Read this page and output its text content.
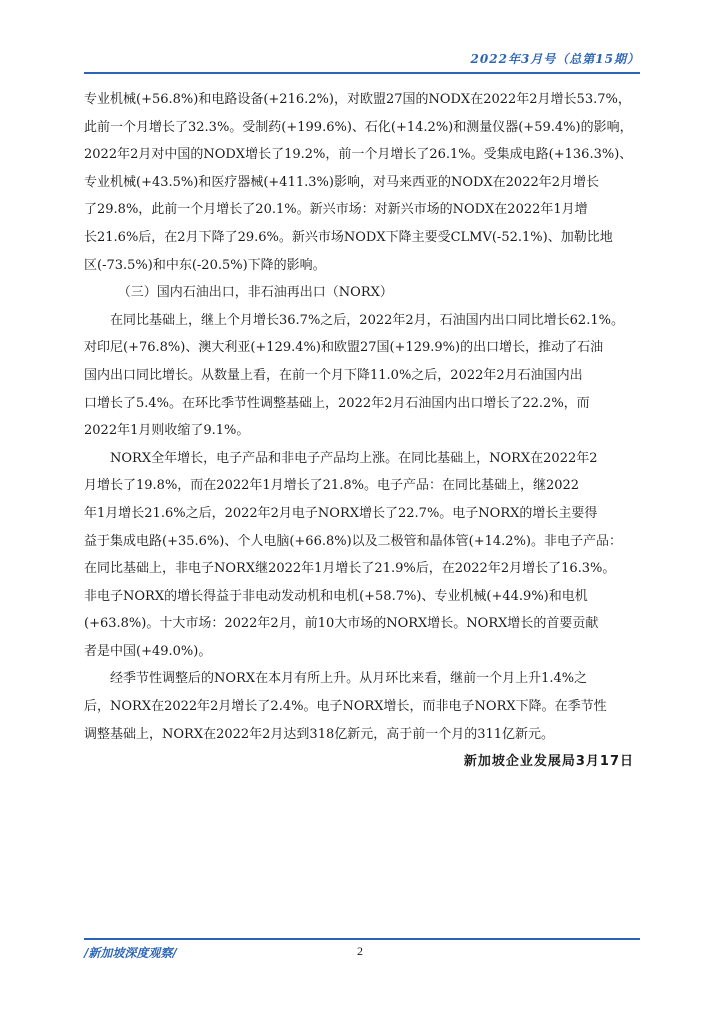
2022年3月号（总第15期）

专业机械(+56.8%)和电路设备(+216.2%)，对欧盟27国的NODX在2022年2月增长53.7%，
此前一个月增长了32.3%。受制药(+199.6%)、石化(+14.2%)和测量仪器(+59.4%)的影响，
2022年2月对中国的NODX增长了19.2%，前一个月增长了26.1%。受集成电路(+136.3%)、
专业机械(+43.5%)和医疗器械(+411.3%)影响，对马来西亚的NODX在2022年2月增长
了29.8%，此前一个月增长了20.1%。新兴市场：对新兴市场的NODX在2022年1月增
长21.6%后，在2月下降了29.6%。新兴市场NODX下降主要受CLMV(-52.1%)、加勒比地
区(-73.5%)和中东(-20.5%)下降的影响。

（三）国内石油出口，非石油再出口（NORX）

在同比基础上，继上个月增长36.7%之后，2022年2月，石油国内出口同比增长62.1%。
对印尼(+76.8%)、澳大利亚(+129.4%)和欧盟27国(+129.9%)的出口增长，推动了石油
国内出口同比增长。从数量上看，在前一个月下降11.0%之后，2022年2月石油国内出
口增长了5.4%。在环比季节性调整基础上，2022年2月石油国内出口增长了22.2%，而
2022年1月则收缩了9.1%。

NORX全年增长，电子产品和非电子产品均上涨。在同比基础上，NORX在2022年2
月增长了19.8%，而在2022年1月增长了21.8%。电子产品：在同比基础上，继2022
年1月增长21.6%之后，2022年2月电子NORX增长了22.7%。电子NORX的增长主要得
益于集成电路(+35.6%)、个人电脑(+66.8%)以及二极管和晶体管(+14.2%)。非电子产品：
在同比基础上，非电子NORX继2022年1月增长了21.9%后，在2022年2月增长了16.3%。
非电子NORX的增长得益于非电动发动机和电机(+58.7%)、专业机械(+44.9%)和电机
(+63.8%)。十大市场：2022年2月，前10大市场的NORX增长。NORX增长的首要贡献
者是中国(+49.0%)。

经季节性调整后的NORX在本月有所上升。从月环比来看，继前一个月上升1.4%之
后，NORX在2022年2月增长了2.4%。电子NORX增长，而非电子NORX下降。在季节性
调整基础上，NORX在2022年2月达到318亿新元，高于前一个月的311亿新元。

新加坡企业发展局3月17日

/新加坡深度观察/	2
